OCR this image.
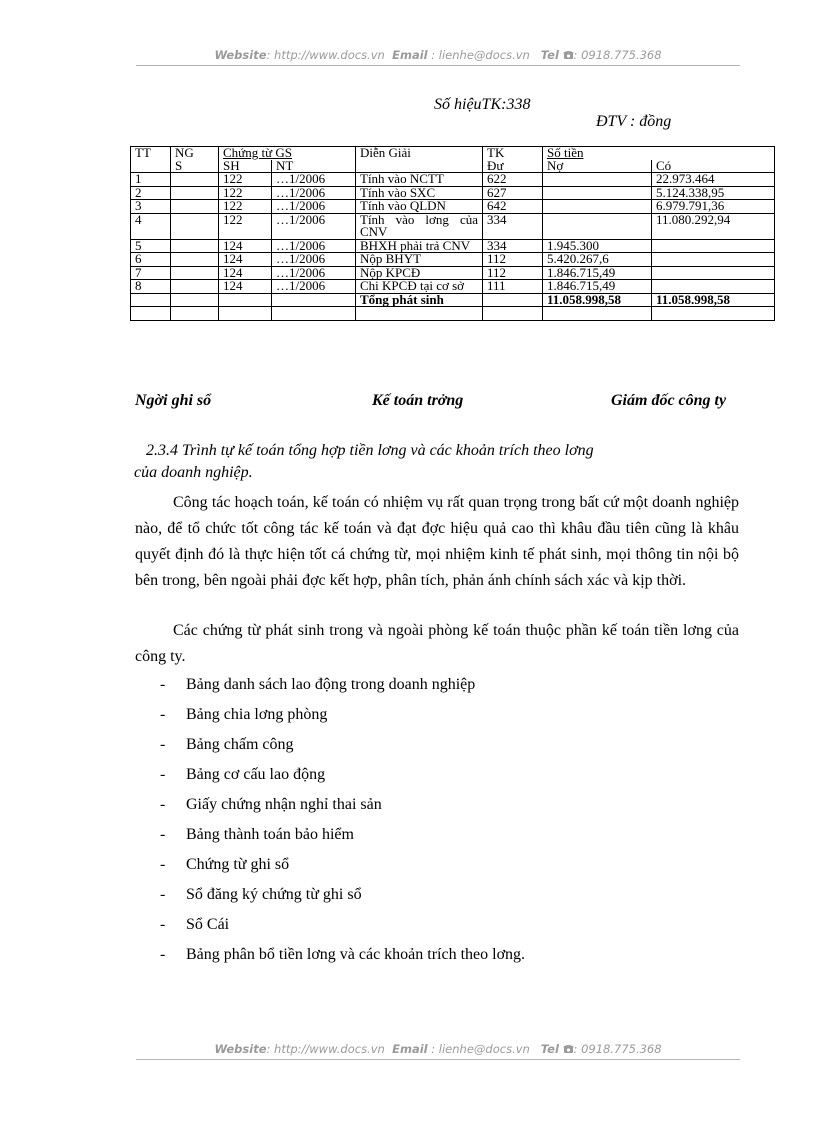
Website: http://www.docs.vn Email : lienhe@docs.vn Tel : 0918.775.368
Số hiệuTK:338
ĐTV : đồng
TT	NG	Chứng từ GS		Diễn Giải	TK	Số tiền	
	S	SH	NT		Đư	Nợ	Có
1		122	…1/2006	Tính vào NCTT	622		22.973.464
2		122	…1/2006	Tính vào SXC	627		5.124.338,95
3		122	…1/2006	Tính vào QLDN	642		6.979.791,36
4		122	…1/2006	Tính vào lơng của CNV	334		11.080.292,94
5		124	…1/2006	BHXH phải trả CNV	334	1.945.300	
6		124	…1/2006	Nộp BHYT	112	5.420.267,6	
7		124	…1/2006	Nộp KPCĐ	112	1.846.715,49	
8		124	…1/2006	Chi KPCĐ tại cơ sở	111	1.846.715,49	
				Tổng phát sinh		11.058.998,58	11.058.998,58

Ngời ghi sổ	Kế toán trởng	Giám đốc công ty
2.3.4 Trình tự kế toán tổng hợp tiền lơng và các khoản trích theo lơng
của doanh nghiệp.
Công tác hoạch toán, kế toán có nhiệm vụ rất quan trọng trong bất cứ một doanh nghiệp nào, để tổ chức tốt công tác kế toán và đạt đợc hiệu quả cao thì khâu đầu tiên cũng là khâu quyết định đó là thực hiện tốt cá chứng từ, mọi nhiệm kinh tế phát sinh, mọi thông tin nội bộ bên trong, bên ngoài phải đợc kết hợp, phân tích, phản ánh chính sách xác và kịp thời.
Các chứng từ phát sinh trong và ngoài phòng kế toán thuộc phần kế toán tiền lơng của công ty.
- Bảng danh sách lao động trong doanh nghiệp
- Bảng chia lơng phòng
- Bảng chấm công
- Bảng cơ cấu lao động
- Giấy chứng nhận nghỉ thai sản
- Bảng thành toán bảo hiểm
- Chứng từ ghi sổ
- Sổ đăng ký chứng từ ghi sổ
- Sổ Cái
- Bảng phân bổ tiền lơng và các khoản trích theo lơng.
Website: http://www.docs.vn Email : lienhe@docs.vn Tel : 0918.775.368
